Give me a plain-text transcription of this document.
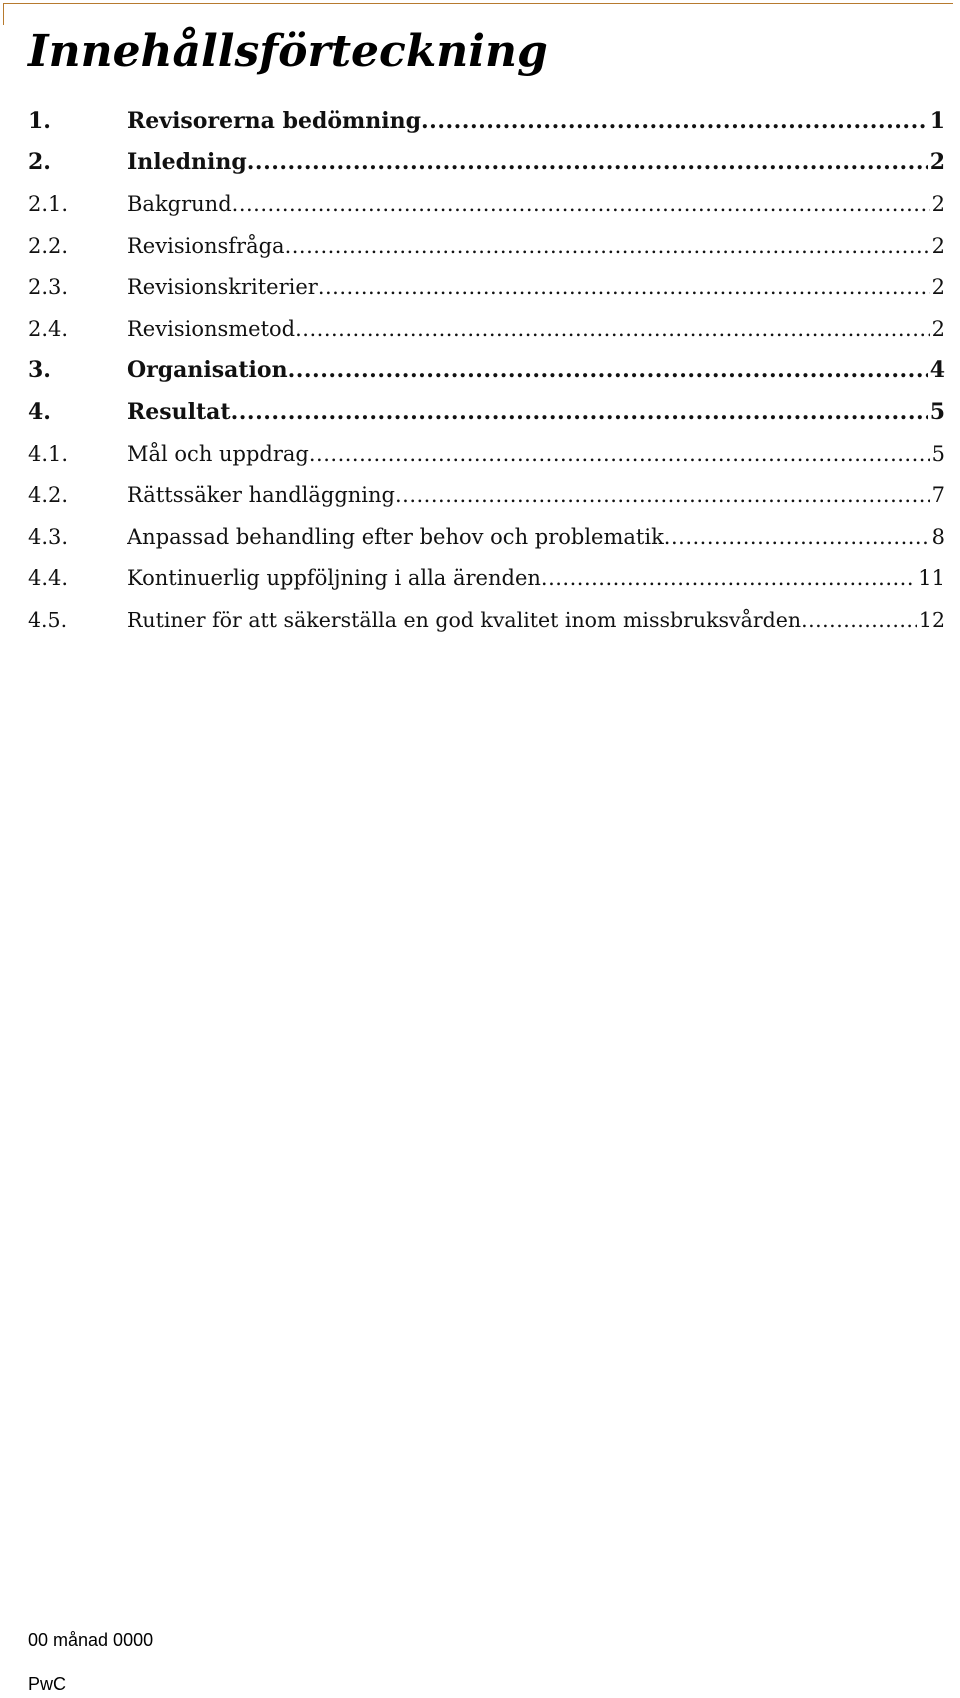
Innehållsförteckning
1.	Revisorerna bedömning .....	1
2.	Inledning .....	2
2.1.	Bakgrund .....	2
2.2.	Revisionsfråga .....	2
2.3.	Revisionskriterier .....	2
2.4.	Revisionsmetod .....	2
3.	Organisation .....	4
4.	Resultat .....	5
4.1.	Mål och uppdrag .....	5
4.2.	Rättssäker handläggning .....	7
4.3.	Anpassad behandling efter behov och problematik .....	8
4.4.	Kontinuerlig uppföljning i alla ärenden .....	11
4.5.	Rutiner för att säkerställa en god kvalitet inom missbruksvården .....	12
00 månad 0000
PwC
